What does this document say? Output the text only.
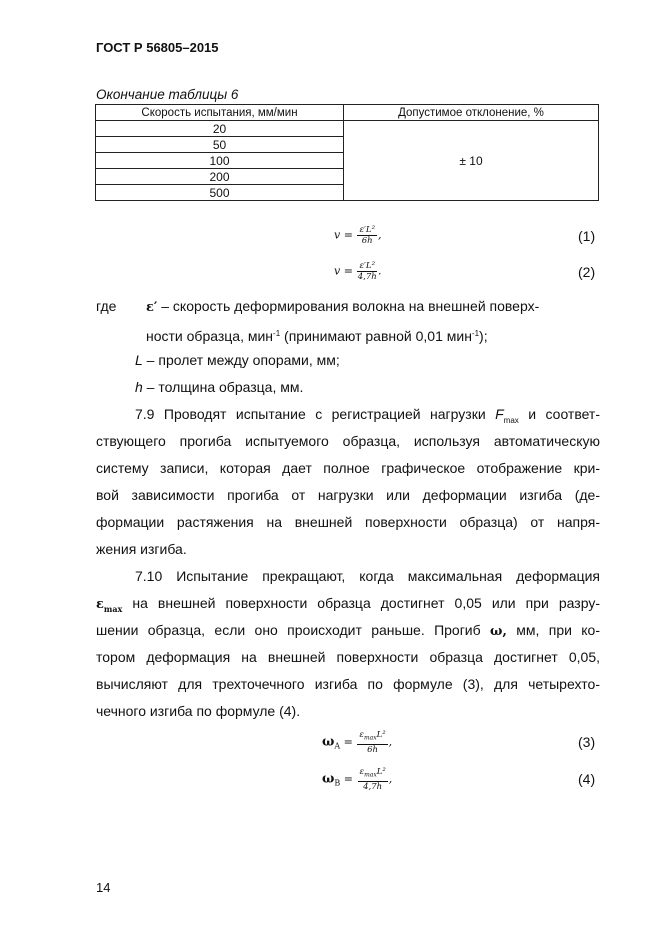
ГОСТ Р 56805–2015
Окончание таблицы 6
Скорость испытания, мм/мин	Допустимое отклонение, %
20	± 10
50	
100	
200	
500	
$v = \frac{\text{ε′L²}}{6h}$ ,	(1)
$v = \frac{\text{ε′L²}}{4,7h}$ .	(2)
где ε′ – скорость деформирования волокна на внешней поверх-
ности образца, мин$^{-1}$ (принимают равной 0,01 мин$^{-1}$);
L – пролет между опорами, мм;
h – толщина образца, мм.
7.9 Проводят испытание с регистрацией нагрузки $F_{max}$ и соответ-
ствующего прогиба испытуемого образца, используя автоматическую
систему записи, которая дает полное графическое отображение кри-
вой зависимости прогиба от нагрузки или деформации изгиба (де-
формации растяжения на внешней поверхности образца) от напря-
жения изгиба.
7.10 Испытание прекращают, когда максимальная деформация
$\varepsilon_{max}$ на внешней поверхности образца достигнет 0,05 или при разру-
шении образца, если оно происходит раньше. Прогиб ω, мм, при ко-
тором деформация на внешней поверхности образца достигнет 0,05,
вычисляют для трехточечного изгиба по формуле (3), для четырехто-
чечного изгиба по формуле (4).
$\omega_A = \frac{\varepsilon_{max}L^2}{6h}$ ,	(3)
$\omega_B = \frac{\varepsilon_{max}L^2}{4,7h}$ ,	(4)
14
